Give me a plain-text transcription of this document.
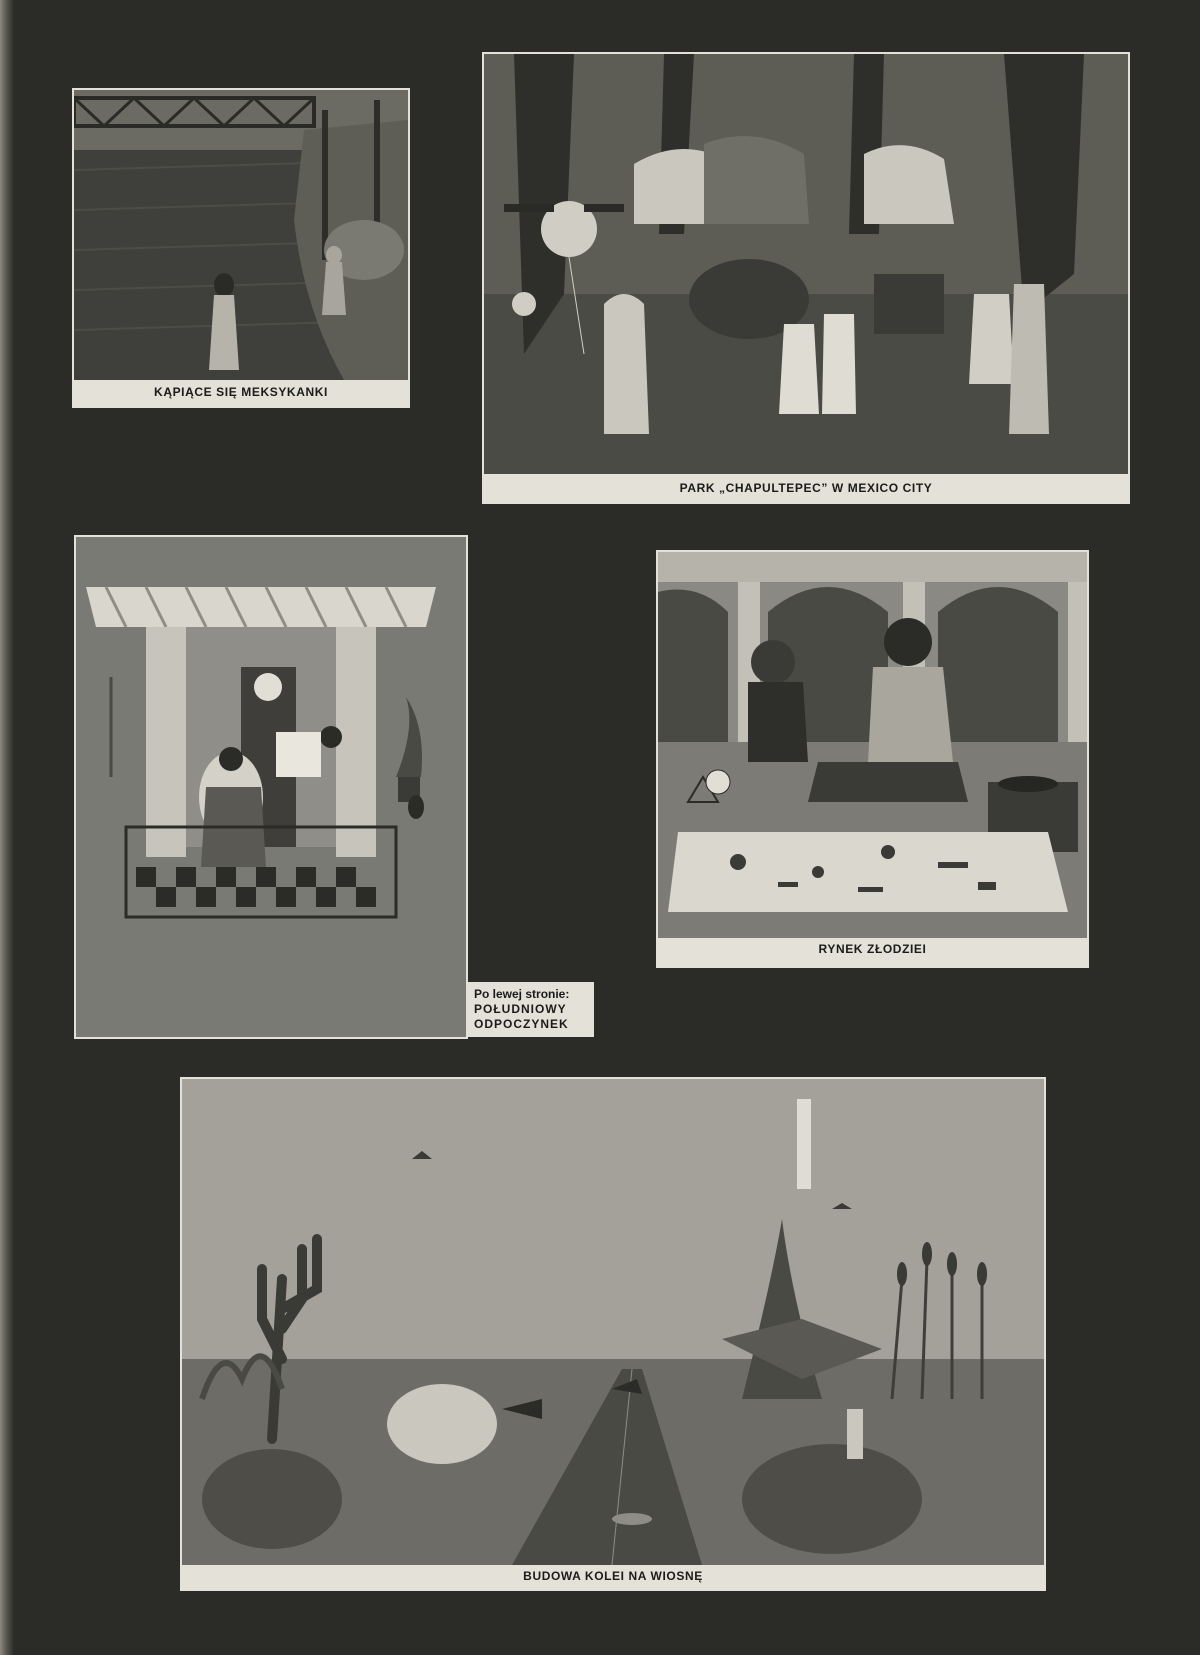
KĄPIĄCE SIĘ MEKSYKANKI
PARK „CHAPULTEPEC” W MEXICO CITY
Po lewej stronie:
POŁUDNIOWY
ODPOCZYNEK
RYNEK ZŁODZIEI
BUDOWA KOLEI NA WIOSNĘ
